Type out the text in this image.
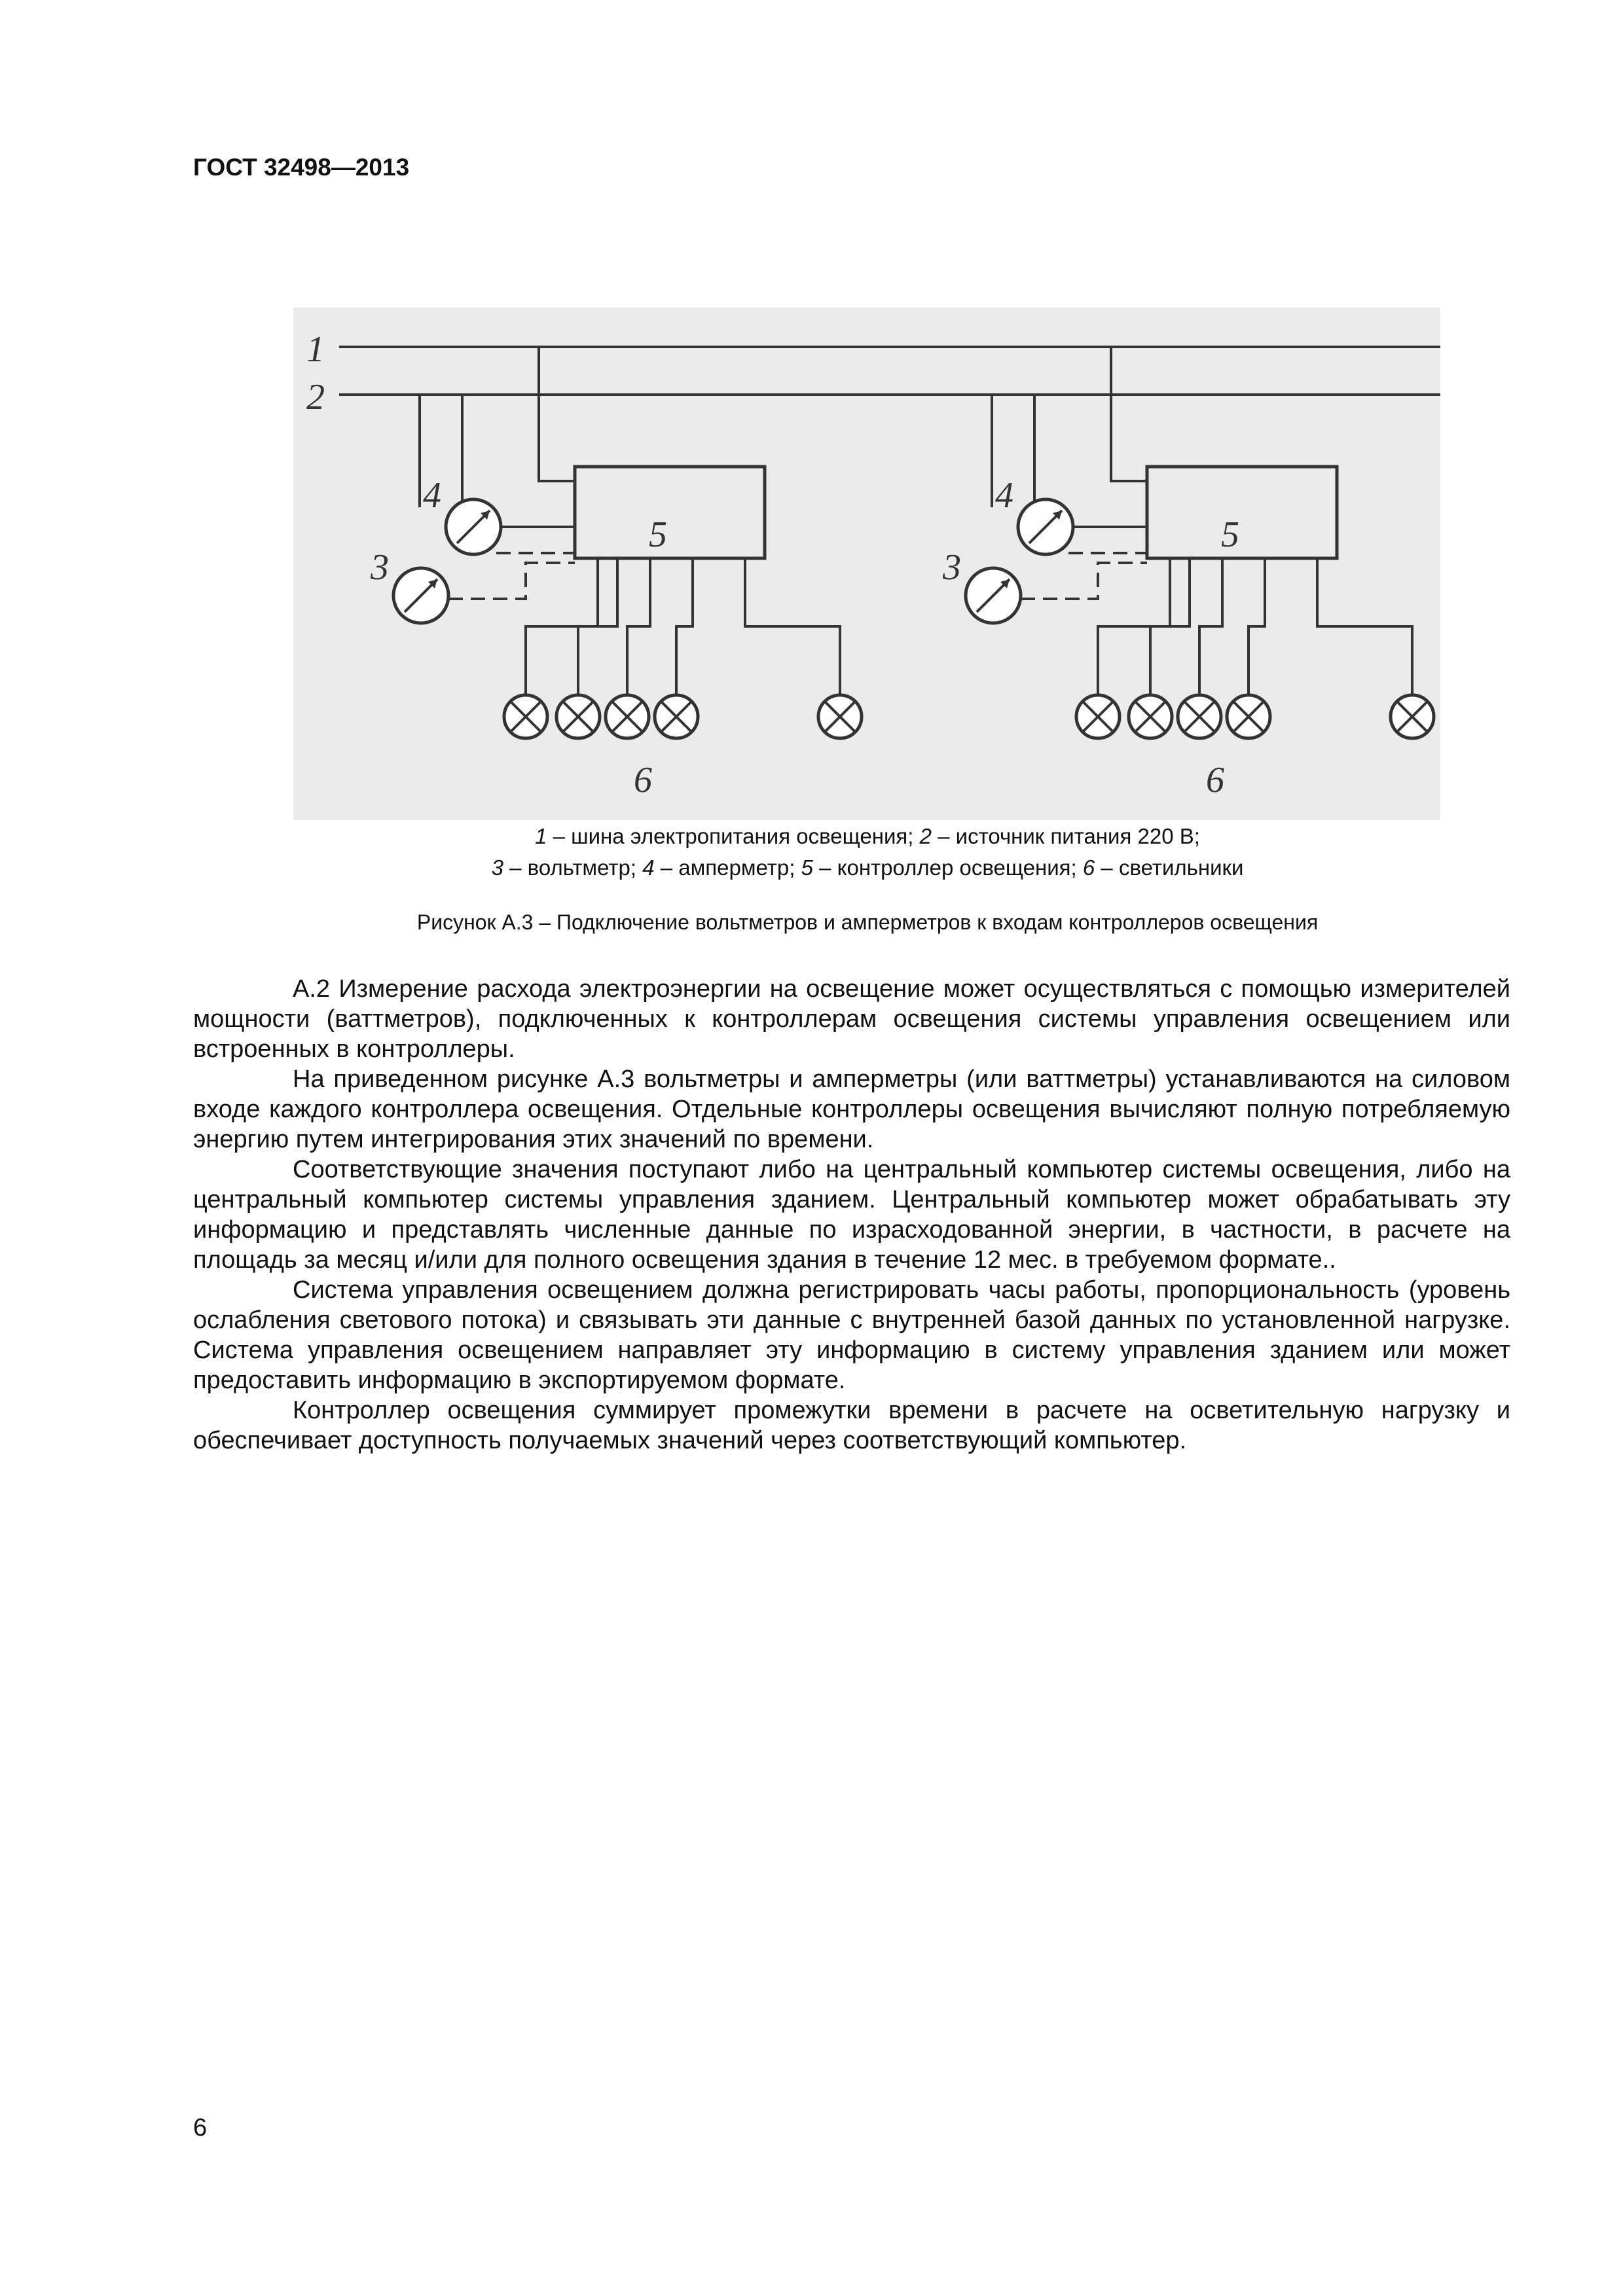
ГОСТ 32498—2013
1
2
5
4
3
6
5
4
3
6
1 – шина электропитания освещения; 2 – источник питания 220 В;
3 – вольтметр; 4 – амперметр; 5 – контроллер освещения; 6 – светильники
Рисунок А.3 – Подключение вольтметров и амперметров к входам контроллеров освещения

А.2 Измерение расхода электроэнергии на освещение может осуществляться с помощью измерителей мощности (ваттметров), подключенных к контроллерам освещения системы управления освещением или встроенных в контроллеры.

На приведенном рисунке А.3 вольтметры и амперметры (или ваттметры) устанавливаются на силовом входе каждого контроллера освещения. Отдельные контроллеры освещения вычисляют полную потребляемую энергию путем интегрирования этих значений по времени.

Соответствующие значения поступают либо на центральный компьютер системы освещения, либо на центральный компьютер системы управления зданием. Центральный компьютер может обрабатывать эту информацию и представлять численные данные по израсходованной энергии, в частности, в расчете на площадь за месяц и/или для полного освещения здания в течение 12 мес. в требуемом формате..

Система управления освещением должна регистрировать часы работы, пропорциональность (уровень ослабления светового потока) и связывать эти данные с внутренней базой данных по установленной нагрузке. Система управления освещением направляет эту информацию в систему управления зданием или может предоставить информацию в экспортируемом формате.

Контроллер освещения суммирует промежутки времени в расчете на осветительную нагрузку и обеспечивает доступность получаемых значений через соответствующий компьютер.

6
